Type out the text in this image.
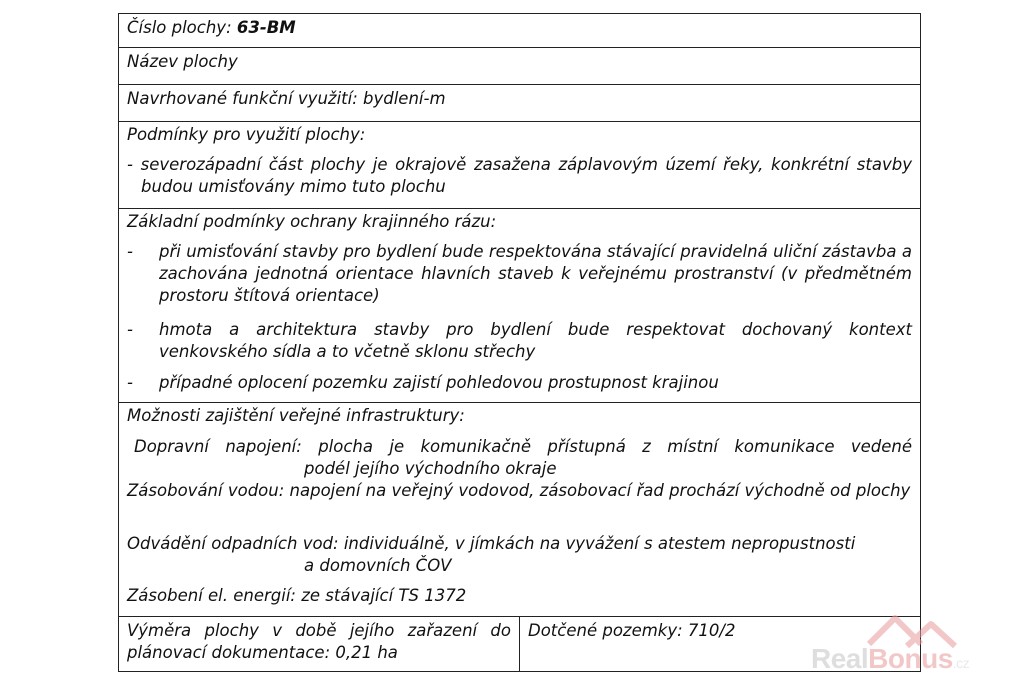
Číslo plochy: 63-BM
Název plochy
Navrhované funkční využití: bydlení-m
Podmínky pro využití plochy:
- severozápadní část plochy je okrajově zasažena záplavovým území řeky, konkrétní stavby budou umisťovány mimo tuto plochu
Základní podmínky ochrany krajinného rázu:
- při umisťování stavby pro bydlení bude respektována stávající pravidelná uliční zástavba a zachována jednotná orientace hlavních staveb k veřejnému prostranství (v předmětném prostoru štítová orientace)
- hmota a architektura stavby pro bydlení bude respektovat dochovaný kontext venkovského sídla a to včetně sklonu střechy
- případné oplocení pozemku zajistí pohledovou prostupnost krajinou
Možnosti zajištění veřejné infrastruktury:
Dopravní napojení: plocha je komunikačně přístupná z místní komunikace vedené
podél jejího východního okraje
Zásobování vodou: napojení na veřejný vodovod, zásobovací řad prochází východně od plochy
Odvádění odpadních vod: individuálně, v jímkách na vyvážení s atestem nepropustnosti
a domovních ČOV
Zásobení el. energií: ze stávající TS 1372
Výměra plochy v době jejího zařazení do plánovací dokumentace: 0,21 ha
Dotčené pozemky: 710/2
RealBonus.cz
